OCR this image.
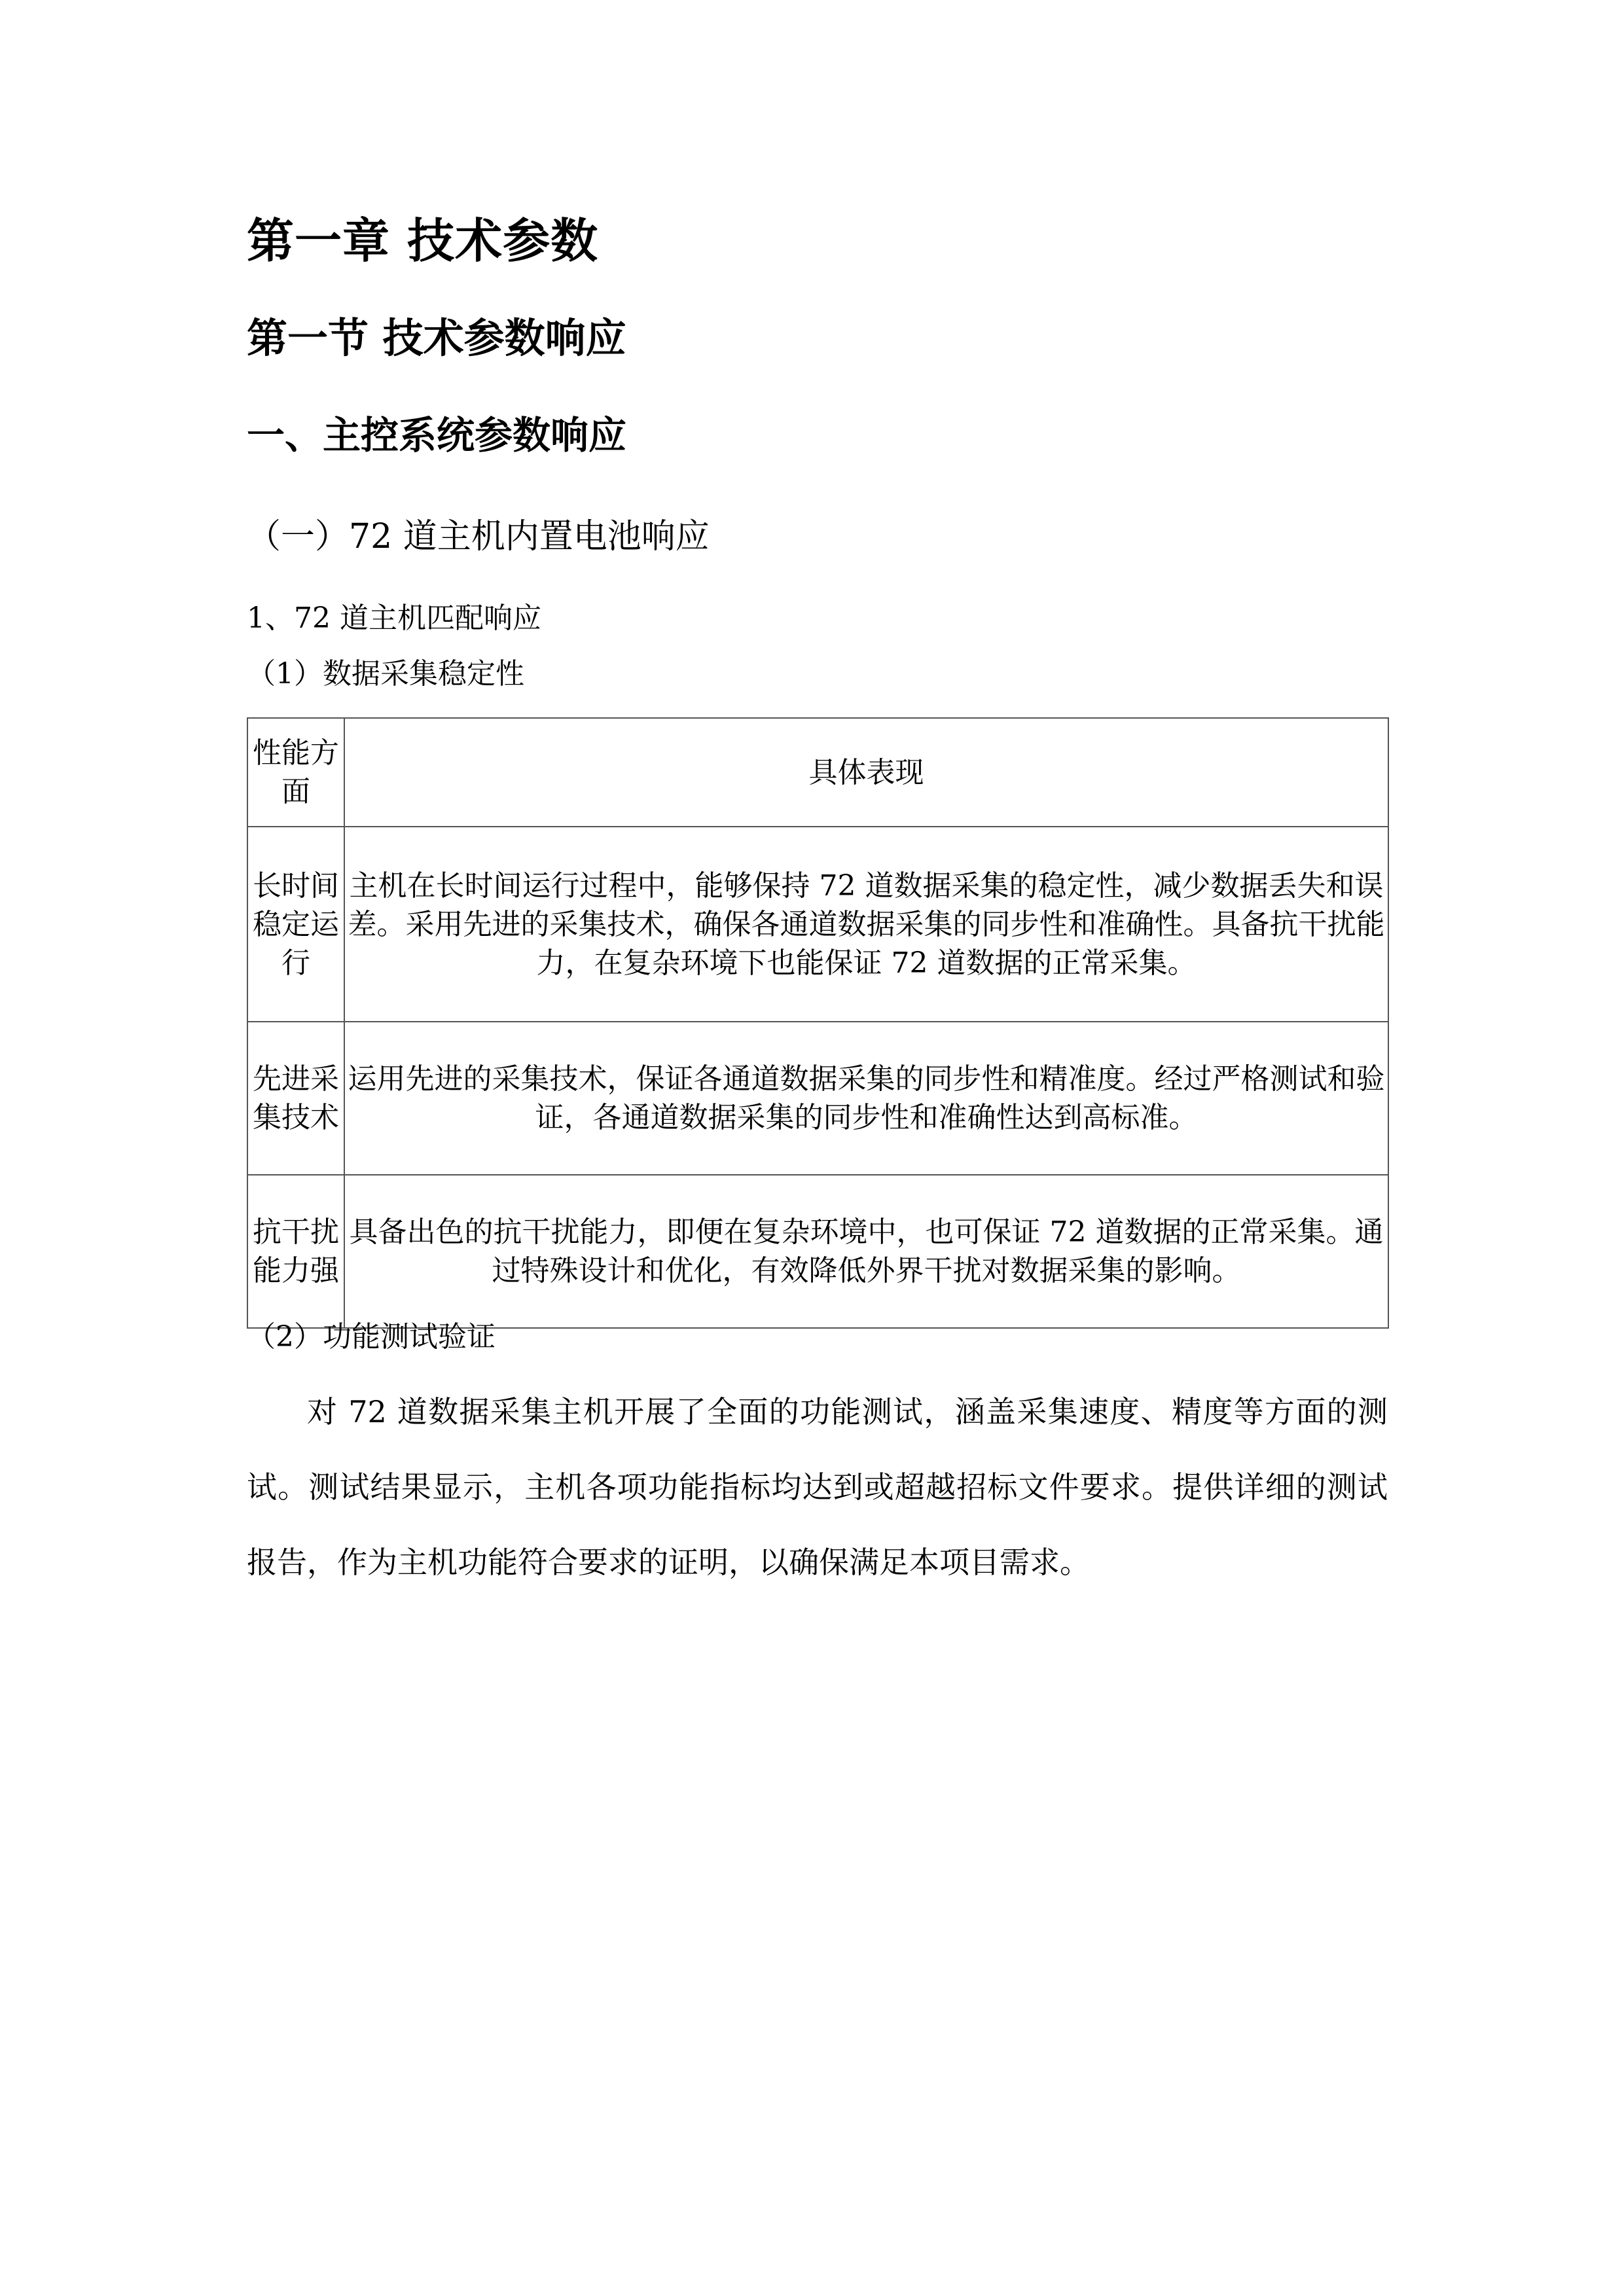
第一章 技术参数
第一节 技术参数响应
一、主控系统参数响应
（一）72 道主机内置电池响应
1、72 道主机匹配响应
（1）数据采集稳定性
性能方面	具体表现
长时间稳定运行	主机在长时间运行过程中，能够保持 72 道数据采集的稳定性，减少数据丢失和误差。采用先进的采集技术，确保各通道数据采集的同步性和准确性。具备抗干扰能力，在复杂环境下也能保证 72 道数据的正常采集。
先进采集技术	运用先进的采集技术，保证各通道数据采集的同步性和精准度。经过严格测试和验证，各通道数据采集的同步性和准确性达到高标准。
抗干扰能力强	具备出色的抗干扰能力，即便在复杂环境中，也可保证 72 道数据的正常采集。通过特殊设计和优化，有效降低外界干扰对数据采集的影响。
（2）功能测试验证
对 72 道数据采集主机开展了全面的功能测试，涵盖采集速度、精度等方面的测试。测试结果显示，主机各项功能指标均达到或超越招标文件要求。提供详细的测试报告，作为主机功能符合要求的证明，以确保满足本项目需求。
